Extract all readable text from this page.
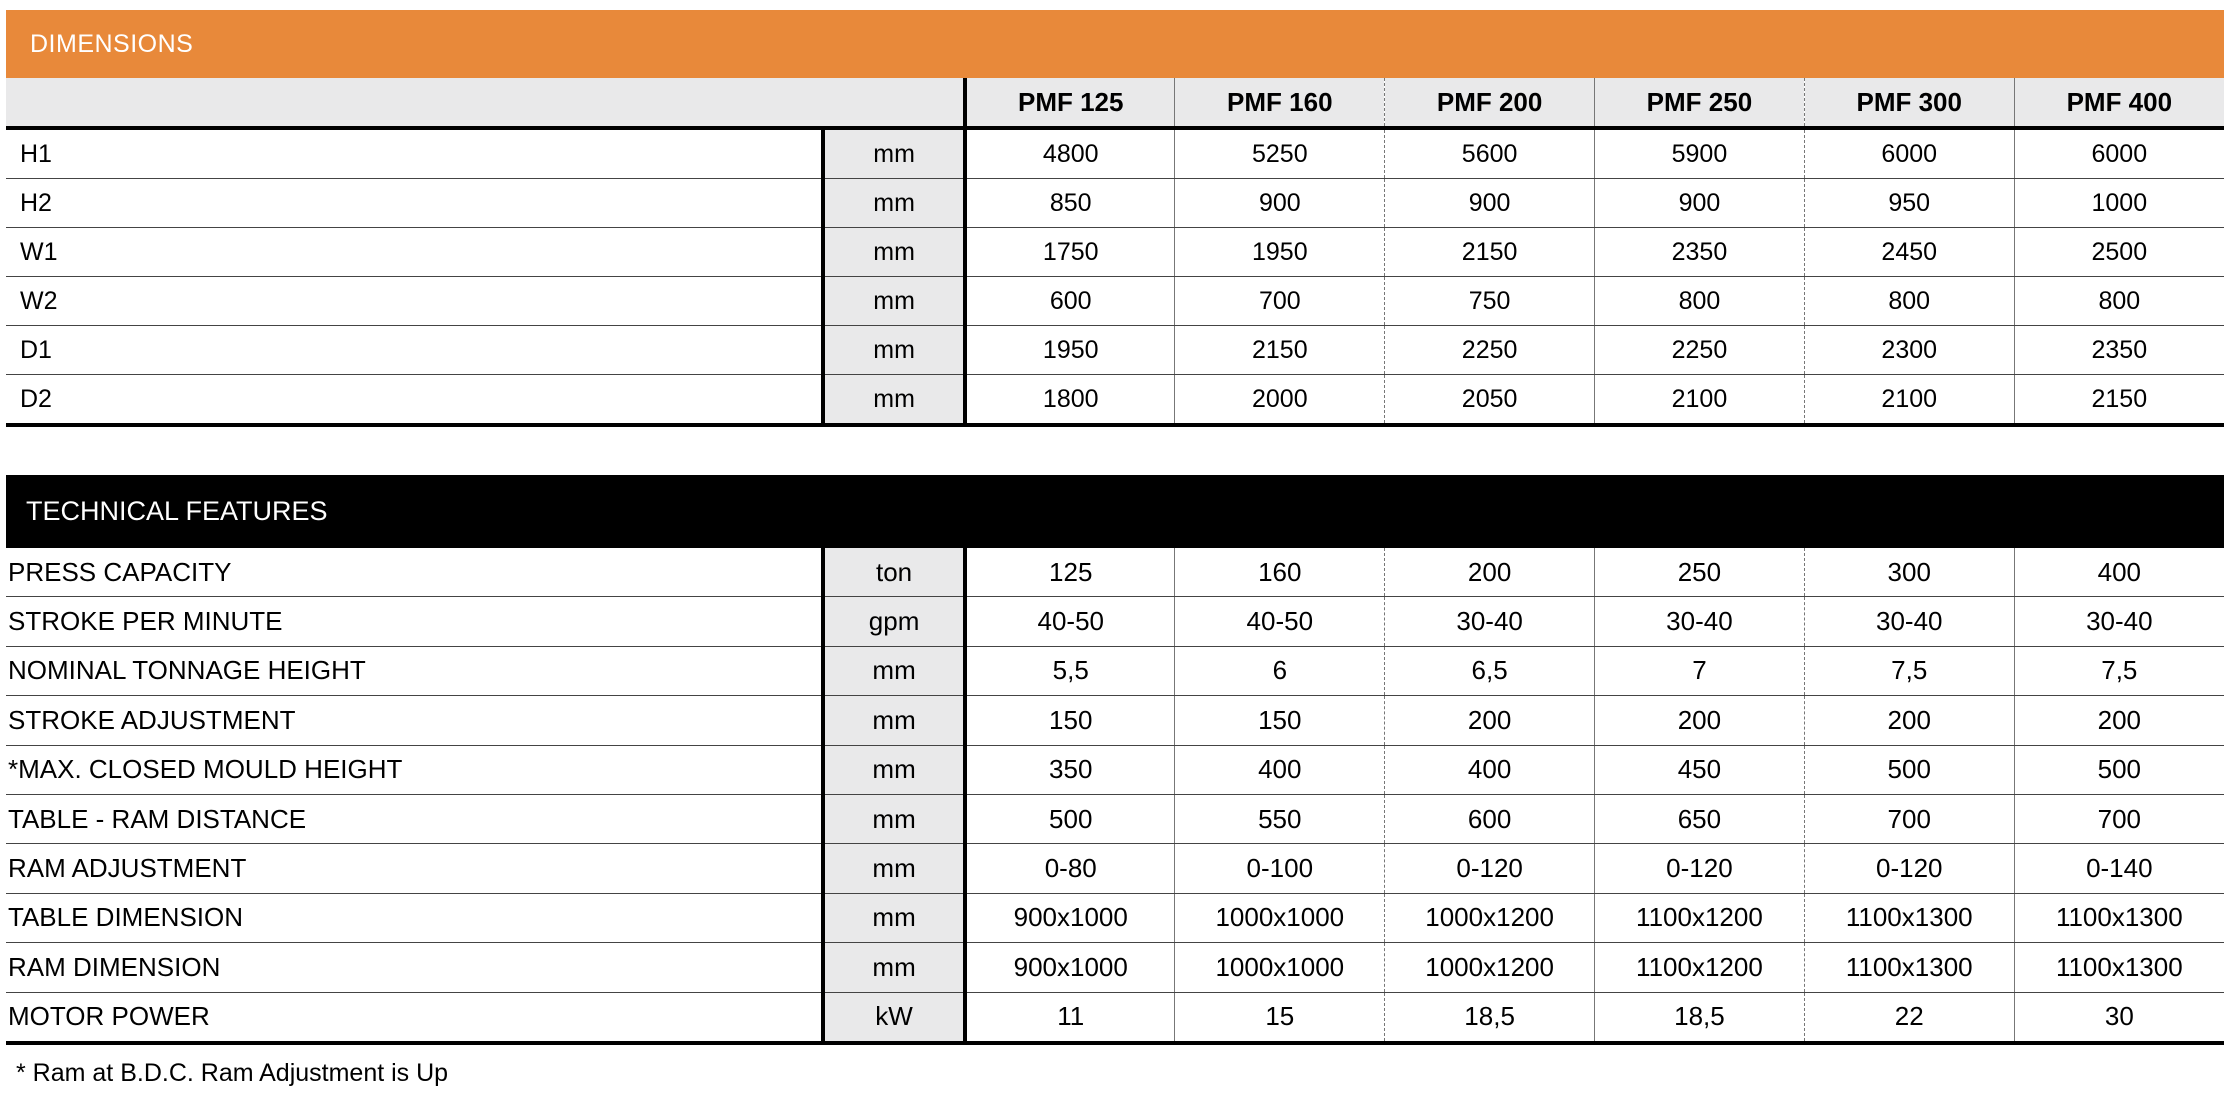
DIMENSIONS
		PMF 125	PMF 160	PMF 200	PMF 250	PMF 300	PMF 400
H1	mm	4800	5250	5600	5900	6000	6000
H2	mm	850	900	900	900	950	1000
W1	mm	1750	1950	2150	2350	2450	2500
W2	mm	600	700	750	800	800	800
D1	mm	1950	2150	2250	2250	2300	2350
D2	mm	1800	2000	2050	2100	2100	2150
TECHNICAL FEATURES
PRESS CAPACITY	ton	125	160	200	250	300	400
STROKE PER MINUTE	gpm	40-50	40-50	30-40	30-40	30-40	30-40
NOMINAL TONNAGE HEIGHT	mm	5,5	6	6,5	7	7,5	7,5
STROKE ADJUSTMENT	mm	150	150	200	200	200	200
*MAX. CLOSED MOULD HEIGHT	mm	350	400	400	450	500	500
TABLE - RAM DISTANCE	mm	500	550	600	650	700	700
RAM ADJUSTMENT	mm	0-80	0-100	0-120	0-120	0-120	0-140
TABLE DIMENSION	mm	900x1000	1000x1000	1000x1200	1100x1200	1100x1300	1100x1300
RAM DIMENSION	mm	900x1000	1000x1000	1000x1200	1100x1200	1100x1300	1100x1300
MOTOR POWER	kW	11	15	18,5	18,5	22	30
* Ram at B.D.C. Ram Adjustment is Up
